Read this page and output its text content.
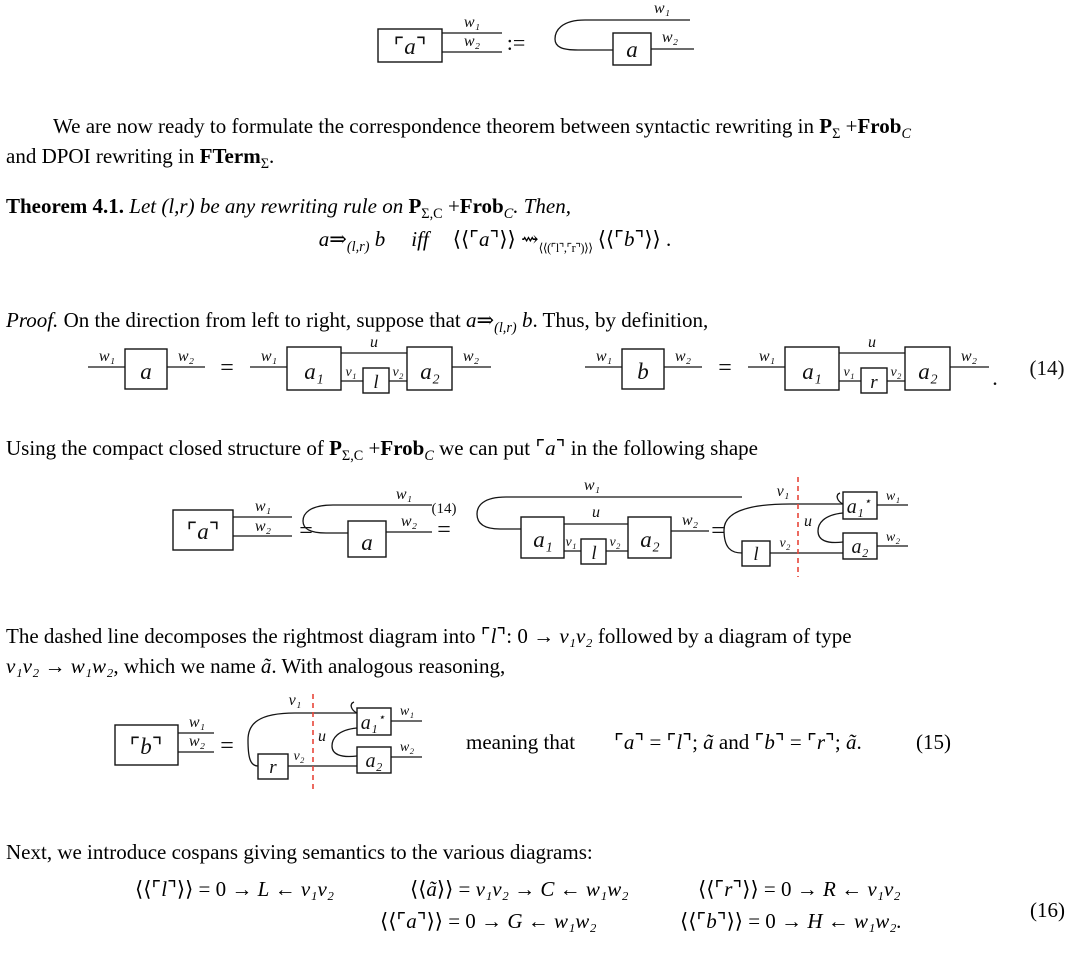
⌜a⌝
w₁
w₂ :=
w₁
a w₂

We are now ready to formulate the correspondence theorem between syntactic rewriting in $P_\Sigma$ +Frob$_C$
and DPOI rewriting in FTerm$_\Sigma$.

Theorem 4.1. Let (l,r) be any rewriting rule on $P_{\Sigma,C}$ +Frob$_C$. Then,

$a\Rightarrow_{(l,r)}$ b iff ⟨⟨⌜a⌝⟩⟩ $⇝_{⟨⟨(⌜l⌝,⌜r⌝)⟩⟩}$ ⟨⟨⌜b⌝⟩⟩ .

Proof. On the direction from left to right, suppose that $a\Rightarrow_{(l,r)}$ b. Thus, by definition,

w₁
a
w₂ = w₁
a₁
u
v₁ l v₂ a₂
w₂	w₁
b
w₂ = w₁
a₁
u
v₁ r v₂ a₂
w₂
. (14)

Using the compact closed structure of $P_{\Sigma,C}$ +Frob$_C$ we can put ⌜a⌝ in the following shape

⌜a⌝
w₁
w₂ =
w₁
a
w₂
(14)
=
w₁
a₁
u
v₁
l
v₂ a₂
w₂ =
v₁
l
v₂
u
a₁⋆
a₂
w₁
w₂

The dashed line decomposes the rightmost diagram into ⌜l⌝: 0 → v₁v₂ followed by a diagram of type
v₁v₂ → w₁w₂, which we name ã. With analogous reasoning,

⌜b⌝
w₁
w₂ =
v₁
r
v₂
u
a₁⋆
a₂
w₁
w₂ meaning that ⌜a⌝ = ⌜l⌝; ã and ⌜b⌝ = ⌜r⌝; ã.	(15)

Next, we introduce cospans giving semantics to the various diagrams:

⟨⟨⌜l⌝⟩⟩ = 0 → L ← v₁v₂	⟨⟨ã⟩⟩ = v₁v₂ → C ← w₁w₂	⟨⟨⌜r⌝⟩⟩ = 0 → R ← v₁v₂
⟨⟨⌜a⌝⟩⟩ = 0 → G ← w₁w₂	⟨⟨⌜b⌝⟩⟩ = 0 → H ← w₁w₂.	(16)
